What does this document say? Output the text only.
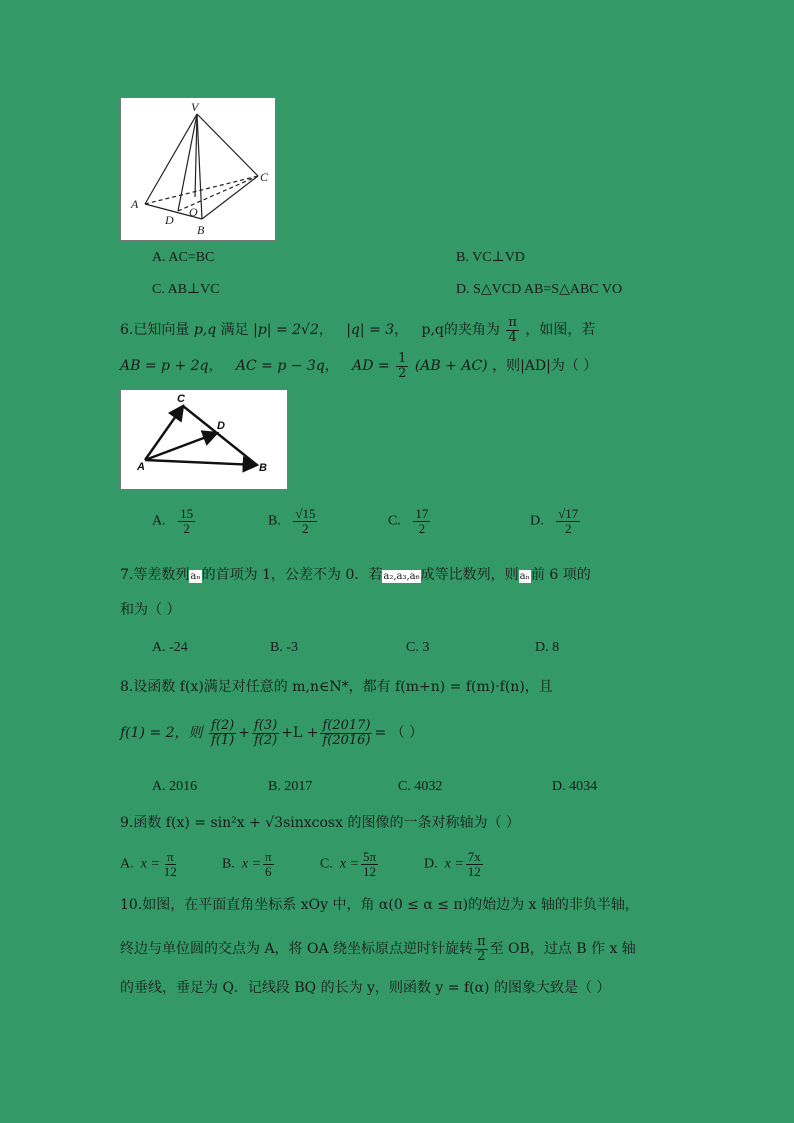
V
C
A
D
O
B
A. AC=BC	B. VC⊥VD
C. AB⊥VC	D. S△VCD AB=S△ABC VO
6.已知向量 p,q 满足 |p| = 2√2，   |q| = 3，   p,q的夹角为 $\frac{\pi}{4}$ ，如图，若
AB = p + 2q，   AC = p − 3q，   AD = $\frac{1}{2} (AB + AC)$ ，则|AD|为（ ）
C
D
A	B
A. $\frac{15}{2}$	B. $\frac{√15}{2}$	C. $\frac{17}{2}$	D. $\frac{√17}{2}$
7.等差数列aₙ的首项为 1，公差不为 0．若a₂,a₃,a₆成等比数列，则aₙ前 6 项的
和为（ ）
A. -24	B. -3	C. 3	D. 8
8.设函数 f(x)满足对任意的 m,n∈N*，都有 f(m+n) = f(m)·f(n)，且
f(1) = 2，则 $\frac{f(2)}{f(1)} + \frac{f(3)}{f(2)} +L + \frac{f(2017)}{f(2016)}$ = （ ）
A. 2016	B. 2017	C. 4032	D. 4034
9.函数 f(x) = sin²x + √3sinxcosx 的图像的一条对称轴为（ ）
A. $x = \frac{\pi}{12}$	B. $x = \frac{\pi}{6}$	C. $x = \frac{5\pi}{12}$	D. $x = \frac{7x}{12}$
10.如图，在平面直角坐标系 xOy 中，角 α(0 ≤ α ≤ π)的始边为 x 轴的非负半轴，
终边与单位圆的交点为 A，将 OA 绕坐标原点逆时针旋转 $\frac{\pi}{2}$ 至 OB，过点 B 作 x 轴
的垂线，垂足为 Q．记线段 BQ 的长为 y，则函数 y = f(α) 的图象大致是（ ）
